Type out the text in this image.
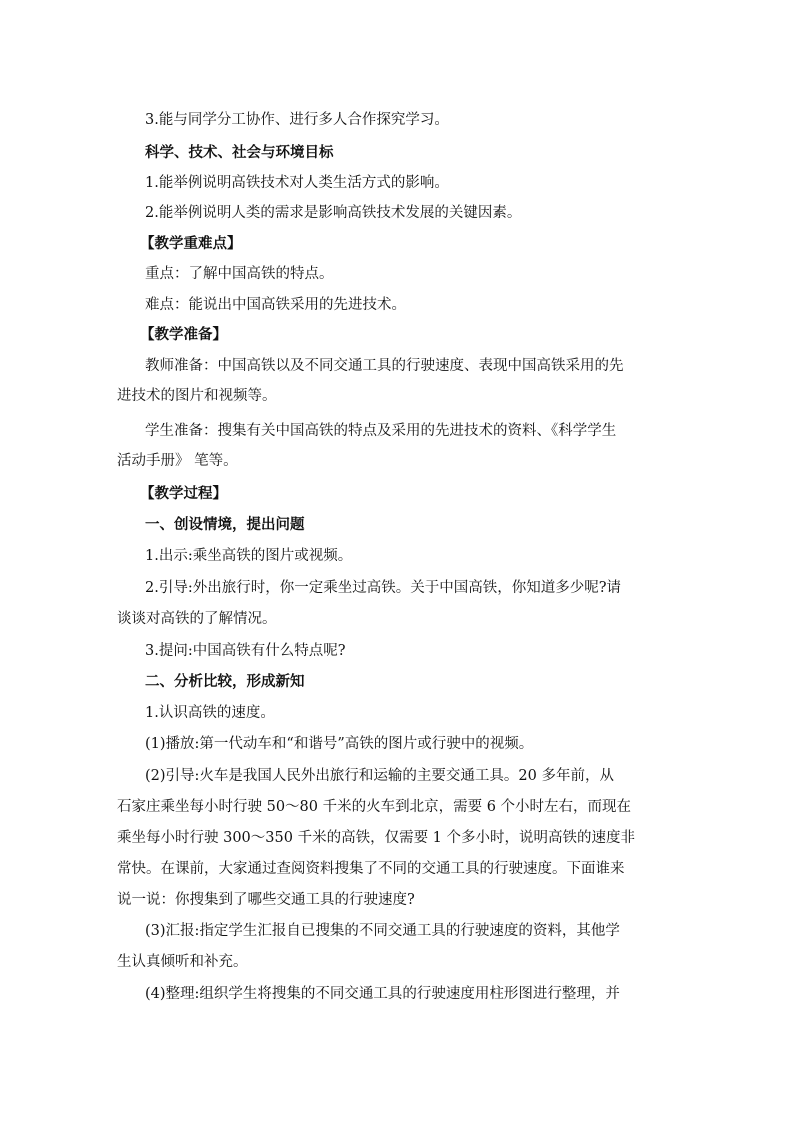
3.能与同学分工协作、进行多人合作探究学习。
科学、技术、社会与环境目标
1.能举例说明高铁技术对人类生活方式的影响。
2.能举例说明人类的需求是影响高铁技术发展的关键因素。
【教学重难点】
重点：了解中国高铁的特点。
难点：能说出中国高铁采用的先进技术。
【教学准备】
教师准备：中国高铁以及不同交通工具的行驶速度、表现中国高铁采用的先
进技术的图片和视频等。
学生准备：搜集有关中国高铁的特点及采用的先进技术的资料、《科学学生
活动手册》 笔等。
【教学过程】
一、创设情境，提出问题
1.出示:乘坐高铁的图片或视频。
2.引导:外出旅行时，你一定乘坐过高铁。关于中国高铁，你知道多少呢?请
谈谈对高铁的了解情况。
3.提问:中国高铁有什么特点呢?
二、分析比较，形成新知
1.认识高铁的速度。
(1)播放:第一代动车和“和谐号”高铁的图片或行驶中的视频。
(2)引导:火车是我国人民外出旅行和运输的主要交通工具。20 多年前，从
石家庄乘坐每小时行驶 50～80 千米的火车到北京，需要 6 个小时左右，而现在
乘坐每小时行驶 300～350 千米的高铁，仅需要 1 个多小时，说明高铁的速度非
常快。在课前，大家通过查阅资料搜集了不同的交通工具的行驶速度。下面谁来
说一说：你搜集到了哪些交通工具的行驶速度?
(3)汇报:指定学生汇报自已搜集的不同交通工具的行驶速度的资料，其他学
生认真倾听和补充。
(4)整理:组织学生将搜集的不同交通工具的行驶速度用柱形图进行整理，并
